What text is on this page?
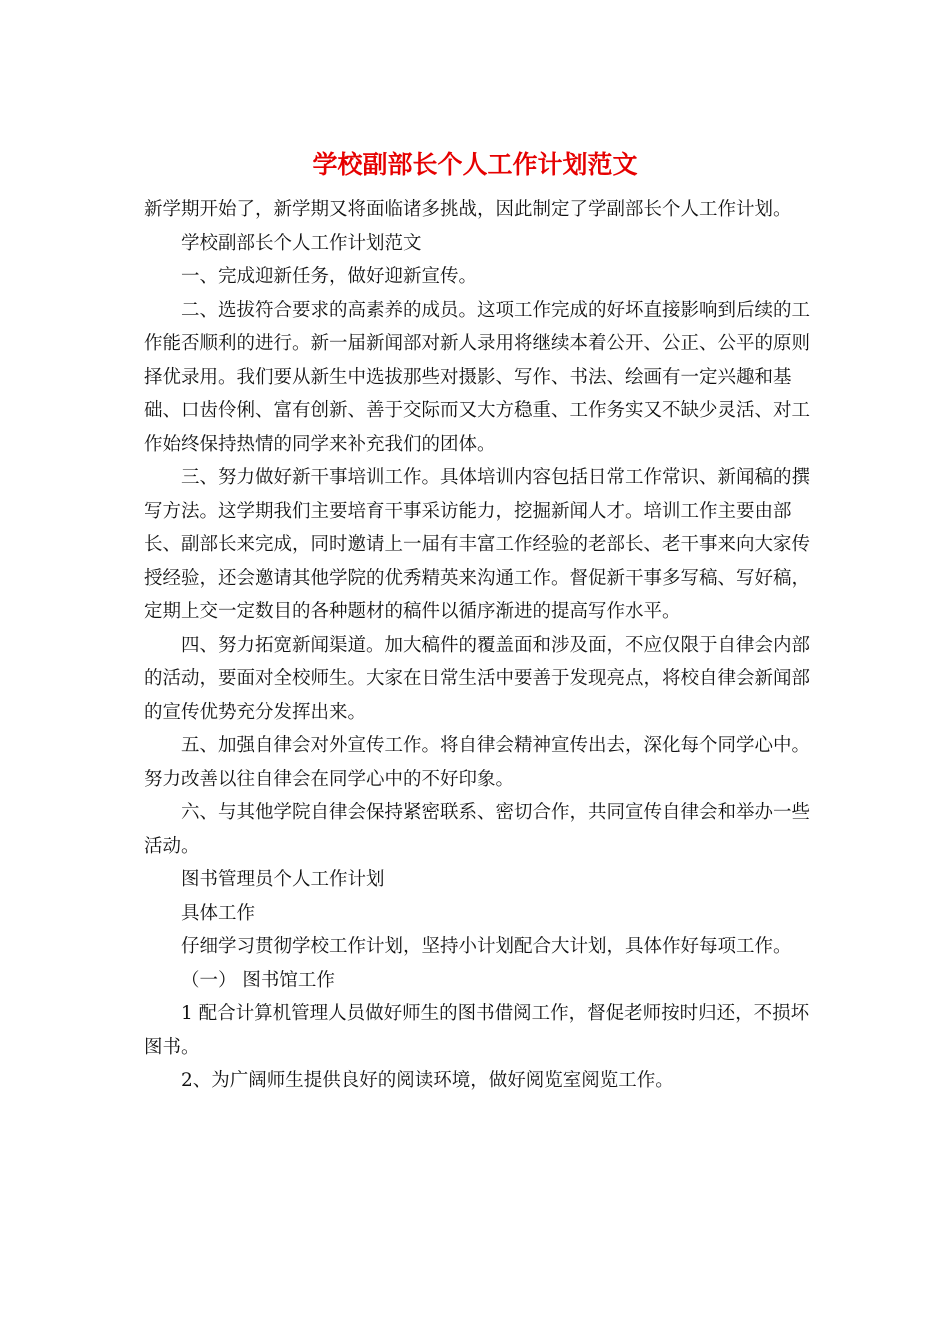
学校副部长个人工作计划范文

新学期开始了，新学期又将面临诸多挑战，因此制定了学副部长个人工作计划。

学校副部长个人工作计划范文

一、完成迎新任务，做好迎新宣传。

二、选拔符合要求的高素养的成员。这项工作完成的好坏直接影响到后续的工作能否顺利的进行。新一届新闻部对新人录用将继续本着公开、公正、公平的原则择优录用。我们要从新生中选拔那些对摄影、写作、书法、绘画有一定兴趣和基础、口齿伶俐、富有创新、善于交际而又大方稳重、工作务实又不缺少灵活、对工作始终保持热情的同学来补充我们的团体。

三、努力做好新干事培训工作。具体培训内容包括日常工作常识、新闻稿的撰写方法。这学期我们主要培育干事采访能力，挖掘新闻人才。培训工作主要由部长、副部长来完成，同时邀请上一届有丰富工作经验的老部长、老干事来向大家传授经验，还会邀请其他学院的优秀精英来沟通工作。督促新干事多写稿、写好稿，定期上交一定数目的各种题材的稿件以循序渐进的提高写作水平。

四、努力拓宽新闻渠道。加大稿件的覆盖面和涉及面，不应仅限于自律会内部的活动，要面对全校师生。大家在日常生活中要善于发现亮点，将校自律会新闻部的宣传优势充分发挥出来。

五、加强自律会对外宣传工作。将自律会精神宣传出去，深化每个同学心中。努力改善以往自律会在同学心中的不好印象。

六、与其他学院自律会保持紧密联系、密切合作，共同宣传自律会和举办一些活动。

图书管理员个人工作计划

具体工作

仔细学习贯彻学校工作计划，坚持小计划配合大计划，具体作好每项工作。

（一） 图书馆工作

1 配合计算机管理人员做好师生的图书借阅工作，督促老师按时归还，不损坏图书。

2、为广阔师生提供良好的阅读环境，做好阅览室阅览工作。
